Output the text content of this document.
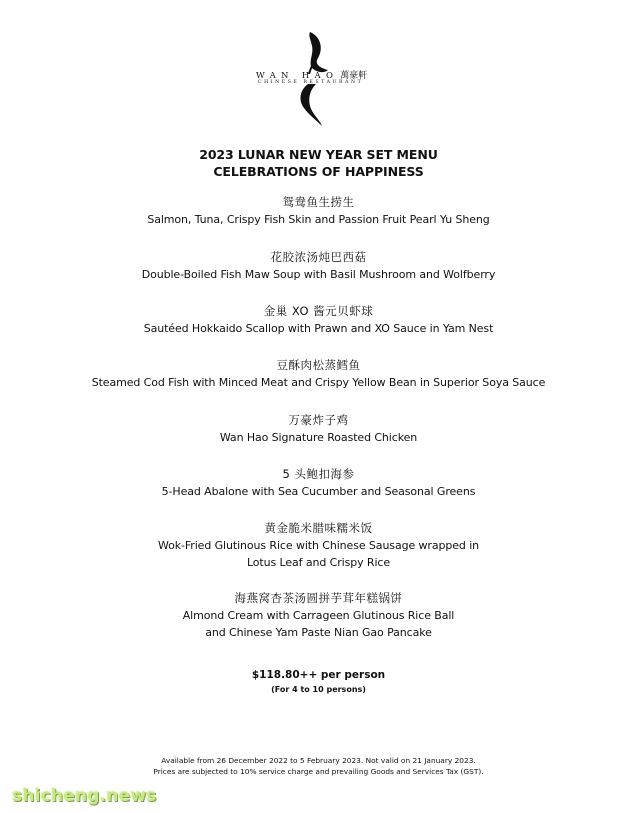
WAN HAO 萬豪軒
CHINESE RESTAURANT
2023 LUNAR NEW YEAR SET MENU
CELEBRATIONS OF HAPPINESS
鸳鸯鱼生捞生
Salmon, Tuna, Crispy Fish Skin and Passion Fruit Pearl Yu Sheng
花胶浓汤炖巴西菇
Double-Boiled Fish Maw Soup with Basil Mushroom and Wolfberry
金巢 XO 酱元贝虾球
Sautéed Hokkaido Scallop with Prawn and XO Sauce in Yam Nest
豆酥肉松蒸鳕鱼
Steamed Cod Fish with Minced Meat and Crispy Yellow Bean in Superior Soya Sauce
万豪炸子鸡
Wan Hao Signature Roasted Chicken
5 头鲍扣海参
5-Head Abalone with Sea Cucumber and Seasonal Greens
黄金脆米腊味糯米饭
Wok-Fried Glutinous Rice with Chinese Sausage wrapped in
Lotus Leaf and Crispy Rice
海燕窝杏茶汤圆拼芋茸年糕锅饼
Almond Cream with Carrageen Glutinous Rice Ball
and Chinese Yam Paste Nian Gao Pancake
$118.80++ per person
(For 4 to 10 persons)
Available from 26 December 2022 to 5 February 2023. Not valid on 21 January 2023.
Prices are subjected to 10% service charge and prevailing Goods and Services Tax (GST).
shicheng.news
